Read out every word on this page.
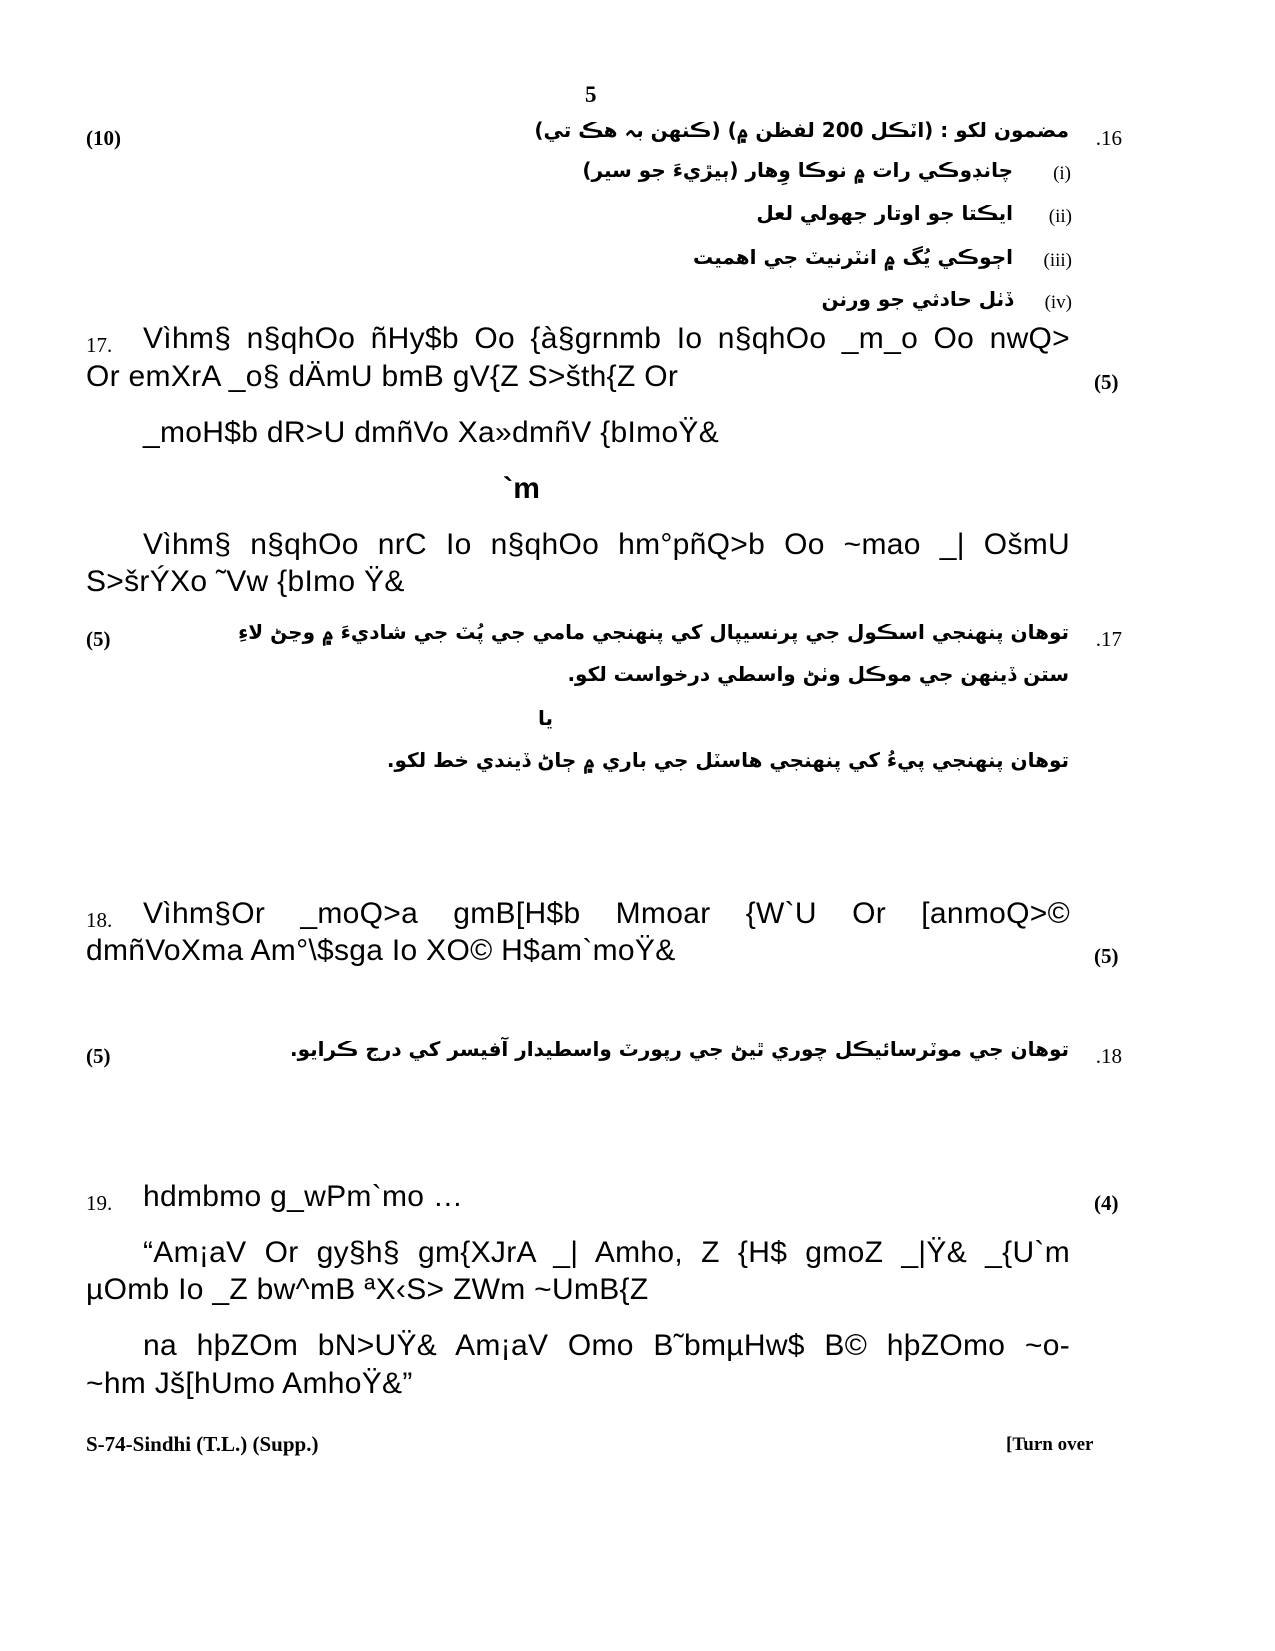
5
.16
(10)	مضمون لکو : (اٽڪل 200 لفظن ۾) (ڪنهن بہ هڪ تي)
(i)
چانڊوڪي رات ۾ نوڪا وِهار (ٻيڙيءَ جو سير)
(ii)
ايڪتا جو اوتار جهولي لعل
(iii)
اڄوڪي يُگ ۾ انٽرنيٽ جي اهميت
(iv)
ڏٺل حادثي جو ورنن
17. Vìhm§ n§qhOo ñHy$b Oo {à§grnmb Io n§qhOo _m_o Oo nwQ>
Or emXrA _o§ dÄmU bmB gV{Z S>šth{Z Or	(5)
_moH$b dR>U dmñVo Xa»dmñV {bImoŸ&
`m
Vìhm§ n§qhOo nrC Io n§qhOo hm°pñQ>b Oo ~mao _| OšmU
S>šrÝXo ˜Vw {bImo Ÿ&
.17
(5)	توهان پنهنجي اسڪول جي پرنسيپال کي پنهنجي مامي جي پُٽ جي شاديءَ ۾ وڃڻ لاءِ
ستن ڏينهن جي موڪل وٺڻ واسطي درخواست لکو.
يا
توهان پنهنجي پيءُ کي پنهنجي هاسٽل جي باري ۾ ڄاڻ ڏيندي خط لکو.
18. Vìhm§Or _moQ>a gmB[H$b Mmoar {W`U Or [anmoQ>©
dmñVoXma Am°\$sga Io XO© H$am`moŸ&	(5)
.18
(5)	توهان جي موٽرسائيڪل چوري ٿيڻ جي رپورٽ واسطيدار آفيسر کي درج ڪرايو.
19. hdmbmo g_wPm`mo …	(4)
“Am¡aV Or gy§h§ gm{XJrA _| Amho, Z {H$ gmoZ _|Ÿ& _{U`m
µOmb Io _Z bw^mB ªX‹S> ZWm ~UmB{Z
na hþZOm bN>UŸ& Am¡aV Omo B˜bmµHw$ B© hþZOmo ~o-
~hm Jš[hUmo AmhoŸ&”
S-74-Sindhi (T.L.) (Supp.)	[Turn over
